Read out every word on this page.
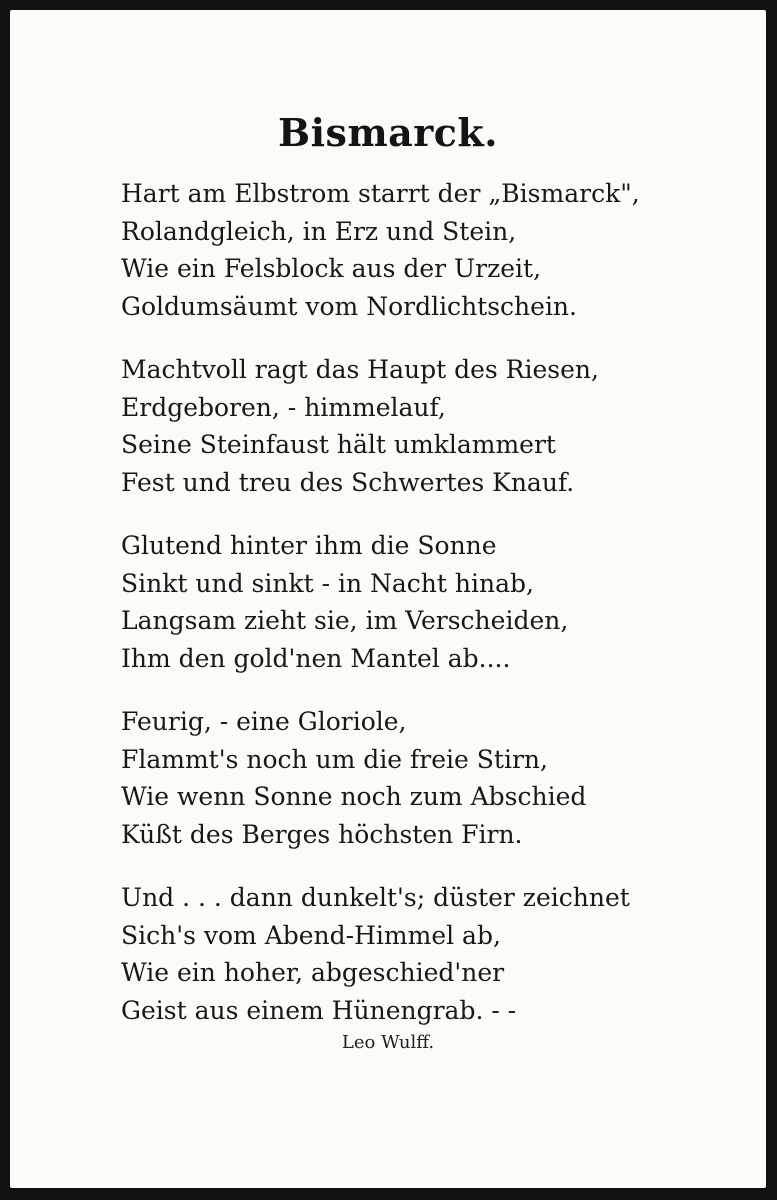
Bismarck.
Hart am Elbstrom starrt der „Bismarck",
Rolandgleich, in Erz und Stein,
Wie ein Felsblock aus der Urzeit,
Goldumsäumt vom Nordlichtschein.
Machtvoll ragt das Haupt des Riesen,
Erdgeboren, - himmelauf,
Seine Steinfaust hält umklammert
Fest und treu des Schwertes Knauf.
Glutend hinter ihm die Sonne
Sinkt und sinkt - in Nacht hinab,
Langsam zieht sie, im Verscheiden,
Ihm den gold'nen Mantel ab....
Feurig, - eine Gloriole,
Flammt's noch um die freie Stirn,
Wie wenn Sonne noch zum Abschied
Küßt des Berges höchsten Firn.
Und . . . dann dunkelt's; düster zeichnet
Sich's vom Abend-Himmel ab,
Wie ein hoher, abgeschied'ner
Geist aus einem Hünengrab. - -
Leo Wulff.
